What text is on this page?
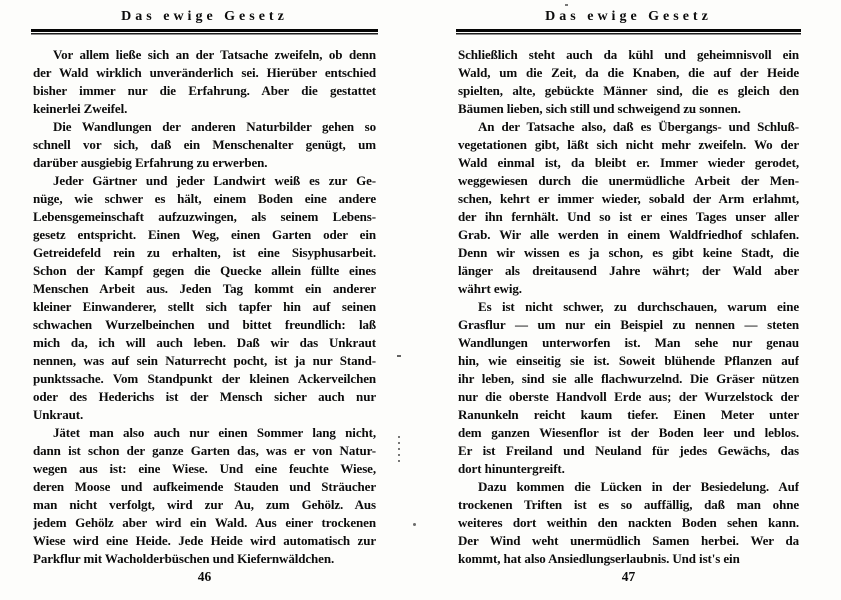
Das ewige Gesetz
Vor allem ließe sich an der Tatsache zweifeln, ob denn
der Wald wirklich unveränderlich sei. Hierüber entschied
bisher immer nur die Erfahrung. Aber die gestattet
keinerlei Zweifel.
Die Wandlungen der anderen Naturbilder gehen so
schnell vor sich, daß ein Menschenalter genügt, um
darüber ausgiebig Erfahrung zu erwerben.
Jeder Gärtner und jeder Landwirt weiß es zur Ge-
nüge, wie schwer es hält, einem Boden eine andere
Lebensgemeinschaft aufzuzwingen, als seinem Lebens-
gesetz entspricht. Einen Weg, einen Garten oder ein
Getreidefeld rein zu erhalten, ist eine Sisyphusarbeit.
Schon der Kampf gegen die Quecke allein füllte eines
Menschen Arbeit aus. Jeden Tag kommt ein anderer
kleiner Einwanderer, stellt sich tapfer hin auf seinen
schwachen Wurzelbeinchen und bittet freundlich: laß
mich da, ich will auch leben. Daß wir das Unkraut
nennen, was auf sein Naturrecht pocht, ist ja nur Stand-
punktssache. Vom Standpunkt der kleinen Ackerveilchen
oder des Hederichs ist der Mensch sicher auch nur
Unkraut.
Jätet man also auch nur einen Sommer lang nicht,
dann ist schon der ganze Garten das, was er von Natur-
wegen aus ist: eine Wiese. Und eine feuchte Wiese,
deren Moose und aufkeimende Stauden und Sträucher
man nicht verfolgt, wird zur Au, zum Gehölz. Aus
jedem Gehölz aber wird ein Wald. Aus einer trockenen
Wiese wird eine Heide. Jede Heide wird automatisch zur
Parkflur mit Wacholderbüschen und Kiefernwäldchen.
46
Das ewige Gesetz
Schließlich steht auch da kühl und geheimnisvoll ein
Wald, um die Zeit, da die Knaben, die auf der Heide
spielten, alte, gebückte Männer sind, die es gleich den
Bäumen lieben, sich still und schweigend zu sonnen.
An der Tatsache also, daß es Übergangs- und Schluß-
vegetationen gibt, läßt sich nicht mehr zweifeln. Wo der
Wald einmal ist, da bleibt er. Immer wieder gerodet,
weggewiesen durch die unermüdliche Arbeit der Men-
schen, kehrt er immer wieder, sobald der Arm erlahmt,
der ihn fernhält. Und so ist er eines Tages unser aller
Grab. Wir alle werden in einem Waldfriedhof schlafen.
Denn wir wissen es ja schon, es gibt keine Stadt, die
länger als dreitausend Jahre währt; der Wald aber
währt ewig.
Es ist nicht schwer, zu durchschauen, warum eine
Grasflur — um nur ein Beispiel zu nennen — steten
Wandlungen unterworfen ist. Man sehe nur genau
hin, wie einseitig sie ist. Soweit blühende Pflanzen auf
ihr leben, sind sie alle flachwurzelnd. Die Gräser nützen
nur die oberste Handvoll Erde aus; der Wurzelstock der
Ranunkeln reicht kaum tiefer. Einen Meter unter
dem ganzen Wiesenflor ist der Boden leer und leblos.
Er ist Freiland und Neuland für jedes Gewächs, das
dort hinuntergreift.
Dazu kommen die Lücken in der Besiedelung. Auf
trockenen Triften ist es so auffällig, daß man ohne
weiteres dort weithin den nackten Boden sehen kann.
Der Wind weht unermüdlich Samen herbei. Wer da
kommt, hat also Ansiedlungserlaubnis. Und ist's ein
47
